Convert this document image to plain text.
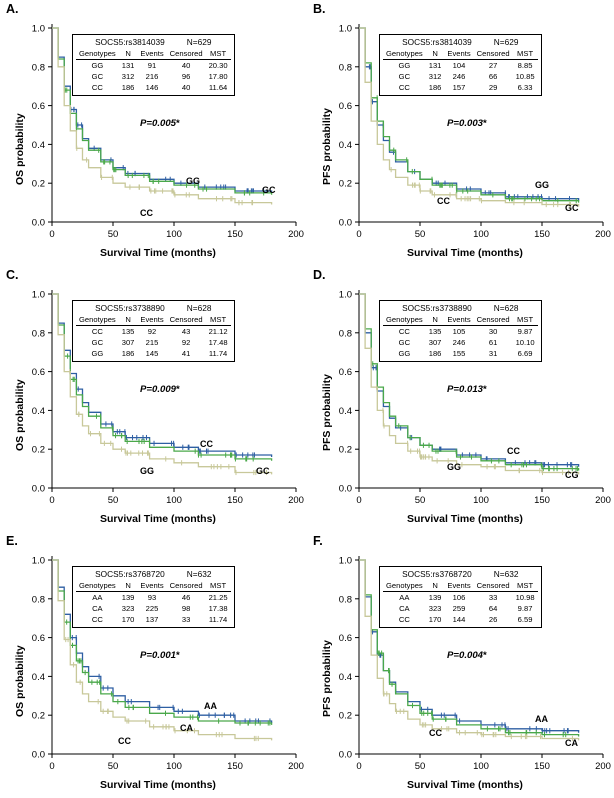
A.
1.0
0.8
0.6
0.4
0.2
0.0
0	50	100	150	200
OS probability
Survival Time (months)
SOCS5:rs3814039	N=629
Genotypes	N	Events	Censored	MST
GG	131	91	40	20.30
GC	312	216	96	17.80
CC	186	146	40	11.64
P=0.005*
GG
GC
CC
B.
1.0
0.8
0.6
0.4
0.2
0.0
0	50	100	150	200
PFS probability
Survival Time (months)
SOCS5:rs3814039	N=629
Genotypes	N	Events	Censored	MST
GG	131	104	27	8.85
GC	312	246	66	10.85
CC	186	157	29	6.33
P=0.003*
GG
GC
CC
C.
1.0
0.8
0.6
0.4
0.2
0.0
0	50	100	150	200
OS probability
Survival Time (months)
SOCS5:rs3738890	N=628
Genotypes	N	Events	Censored	MST
CC	135	92	43	21.12
GC	307	215	92	17.48
GG	186	145	41	11.74
P=0.009*
CC
GC
GG
D.
1.0
0.8
0.6
0.4
0.2
0.0
0	50	100	150	200
PFS probability
Survival Time (months)
SOCS5:rs3738890	N=628
Genotypes	N	Events	Censored	MST
CC	135	105	30	9.87
GC	307	246	61	10.10
GG	186	155	31	6.69
P=0.013*
CC
CG
GG
E.
1.0
0.8
0.6
0.4
0.2
0.0
0	50	100	150	200
OS probability
Survival Time (months)
SOCS5:rs3768720	N=632
Genotypes	N	Events	Censored	MST
AA	139	93	46	21.25
CA	323	225	98	17.38
CC	170	137	33	11.74
P=0.001*
AA
CA
CC
F.
1.0
0.8
0.6
0.4
0.2
0.0
0	50	100	150	200
PFS probability
Survival Time (months)
SOCS5:rs3768720	N=632
Genotypes	N	Events	Censored	MST
AA	139	106	33	10.98
CA	323	259	64	9.87
CC	170	144	26	6.59
P=0.004*
AA
CA
CC
